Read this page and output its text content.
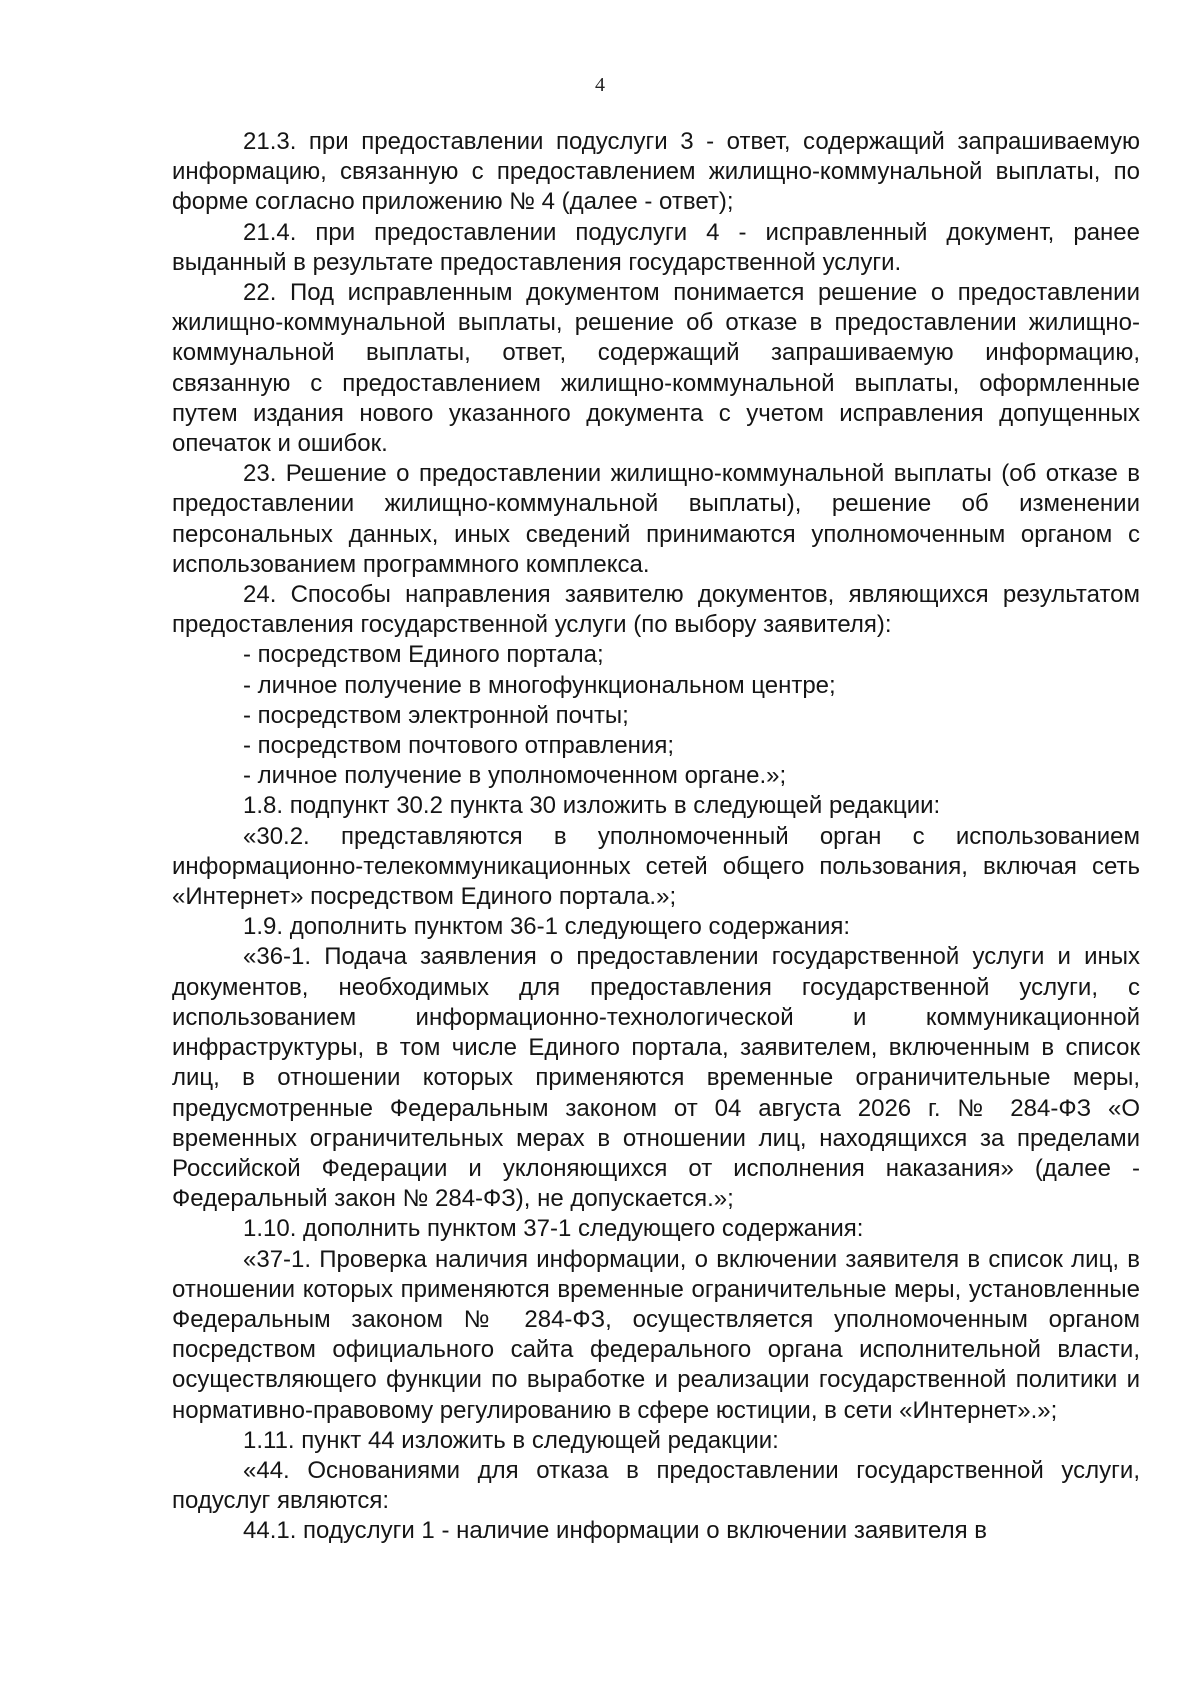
4

21.3. при предоставлении подуслуги 3 - ответ, содержащий запрашиваемую информацию, связанную с предоставлением жилищно-коммунальной выплаты, по форме согласно приложению № 4 (далее - ответ);

21.4. при предоставлении подуслуги 4 - исправленный документ, ранее выданный в результате предоставления государственной услуги.

22. Под исправленным документом понимается решение о предоставлении жилищно-коммунальной выплаты, решение об отказе в предоставлении жилищно-коммунальной выплаты, ответ, содержащий запрашиваемую информацию, связанную с предоставлением жилищно-коммунальной выплаты, оформленные путем издания нового указанного документа с учетом исправления допущенных опечаток и ошибок.

23. Решение о предоставлении жилищно-коммунальной выплаты (об отказе в предоставлении жилищно-коммунальной выплаты), решение об изменении персональных данных, иных сведений принимаются уполномоченным органом с использованием программного комплекса.

24. Способы направления заявителю документов, являющихся результатом предоставления государственной услуги (по выбору заявителя):

- посредством Единого портала;

- личное получение в многофункциональном центре;

- посредством электронной почты;

- посредством почтового отправления;

- личное получение в уполномоченном органе.»;

1.8. подпункт 30.2 пункта 30 изложить в следующей редакции:

«30.2. представляются в уполномоченный орган с использованием информационно-телекоммуникационных сетей общего пользования, включая сеть «Интернет» посредством Единого портала.»;

1.9. дополнить пунктом 36-1 следующего содержания:

«36-1. Подача заявления о предоставлении государственной услуги и иных документов, необходимых для предоставления государственной услуги, с использованием информационно-технологической и коммуникационной инфраструктуры, в том числе Единого портала, заявителем, включенным в список лиц, в отношении которых применяются временные ограничительные меры, предусмотренные Федеральным законом от 04 августа 2026 г. № 284-ФЗ «О временных ограничительных мерах в отношении лиц, находящихся за пределами Российской Федерации и уклоняющихся от исполнения наказания» (далее - Федеральный закон № 284-ФЗ), не допускается.»;

1.10. дополнить пунктом 37-1 следующего содержания:

«37-1. Проверка наличия информации, о включении заявителя в список лиц, в отношении которых применяются временные ограничительные меры, установленные Федеральным законом № 284-ФЗ, осуществляется уполномоченным органом посредством официального сайта федерального органа исполнительной власти, осуществляющего функции по выработке и реализации государственной политики и нормативно-правовому регулированию в сфере юстиции, в сети «Интернет».»;

1.11. пункт 44 изложить в следующей редакции:

«44. Основаниями для отказа в предоставлении государственной услуги, подуслуг являются:

44.1. подуслуги 1 - наличие информации о включении заявителя в
